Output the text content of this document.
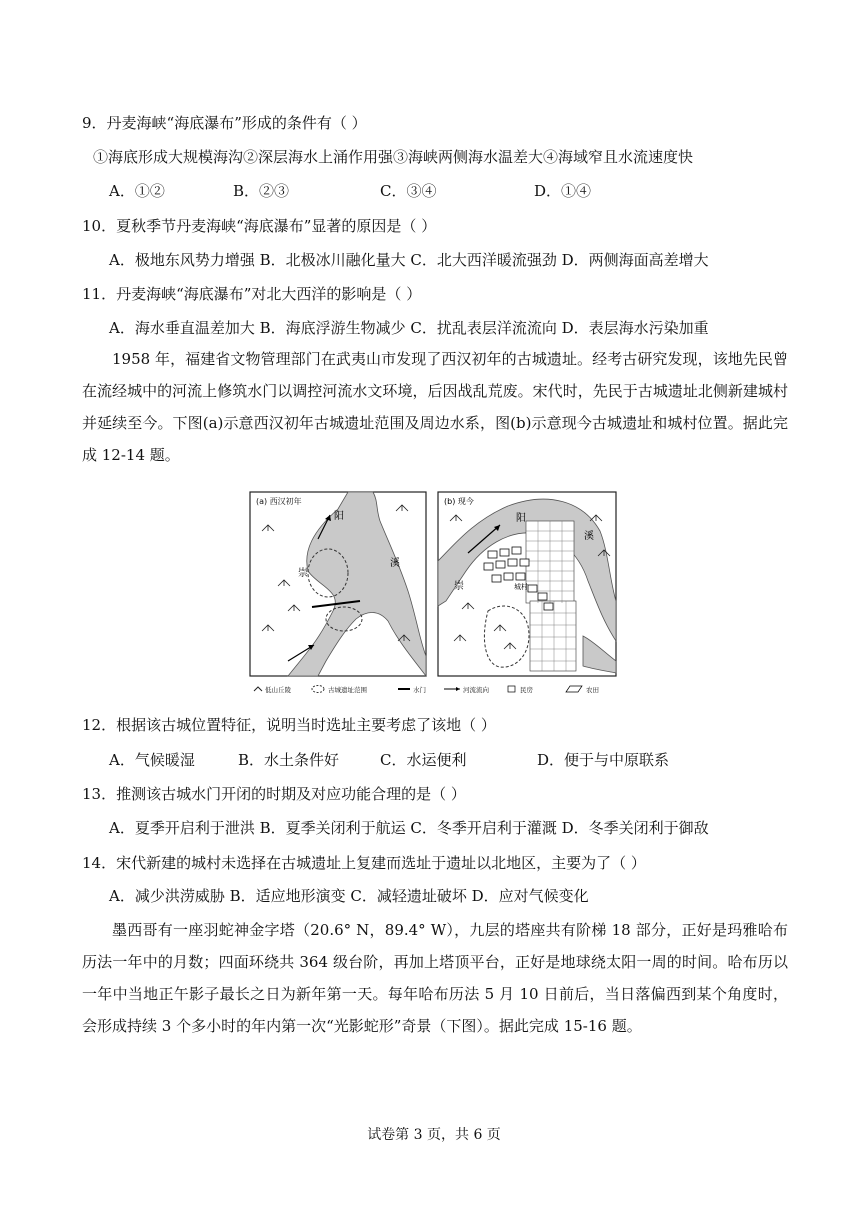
9．丹麦海峡“海底瀑布”形成的条件有（ ）
①海底形成大规模海沟②深层海水上涌作用强③海峡两侧海水温差大④海域窄且水流速度快
A．①②	B．②③	C．③④	D．①④
10．夏秋季节丹麦海峡“海底瀑布”显著的原因是（ ）
A．极地东风势力增强 B．北极冰川融化量大 C．北大西洋暖流强劲 D．两侧海面高差增大
11．丹麦海峡“海底瀑布”对北大西洋的影响是（ ）
A．海水垂直温差加大 B．海底浮游生物减少 C．扰乱表层洋流流向 D．表层海水污染加重
1958 年，福建省文物管理部门在武夷山市发现了西汉初年的古城遗址。经考古研究发现，该地先民曾在流经城中的河流上修筑水门以调控河流水文环境，后因战乱荒废。宋代时，先民于古城遗址北侧新建城村并延续至今。下图(a)示意西汉初年古城遗址范围及周边水系，图(b)示意现今古城遗址和城村位置。据此完成 12-14 题。
(a) 西汉初年
阳
溪
崇
(b) 现今
阳
溪
崇	城村
低山丘陵	古城遗址范围	水门	河流流向	民房	农田
12．根据该古城位置特征，说明当时选址主要考虑了该地（ ）
A．气候暖湿	B．水土条件好	C．水运便利	D．便于与中原联系
13．推测该古城水门开闭的时期及对应功能合理的是（ ）
A．夏季开启利于泄洪 B．夏季关闭利于航运 C．冬季开启利于灌溉 D．冬季关闭利于御敌
14．宋代新建的城村未选择在古城遗址上复建而选址于遗址以北地区，主要为了（ ）
A．减少洪涝威胁 B．适应地形演变 C．减轻遗址破坏 D．应对气候变化
墨西哥有一座羽蛇神金字塔（20.6° N，89.4° W），九层的塔座共有阶梯 18 部分，正好是玛雅哈布历法一年中的月数；四面环绕共 364 级台阶，再加上塔顶平台，正好是地球绕太阳一周的时间。哈布历以一年中当地正午影子最长之日为新年第一天。每年哈布历法 5 月 10 日前后，当日落偏西到某个角度时，会形成持续 3 个多小时的年内第一次“光影蛇形”奇景（下图）。据此完成 15-16 题。
试卷第 3 页，共 6 页
